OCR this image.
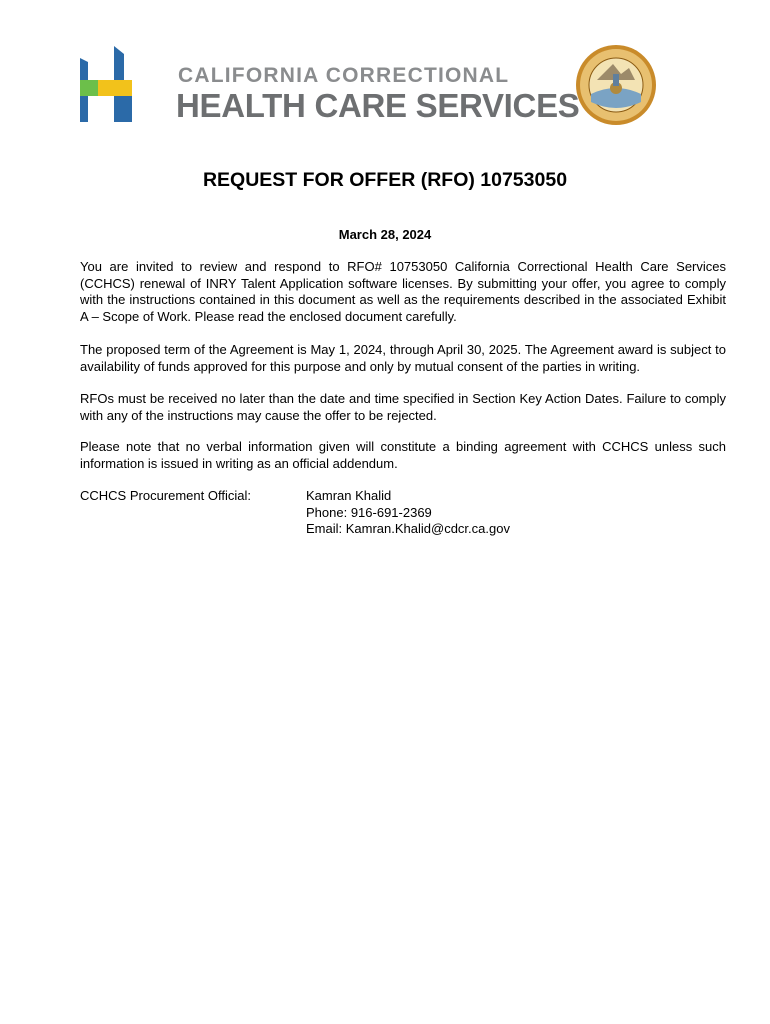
CALIFORNIA CORRECTIONAL
HEALTH CARE SERVICES
REQUEST FOR OFFER (RFO) 10753050
March 28, 2024
You are invited to review and respond to RFO# 10753050 California Correctional Health Care Services (CCHCS) renewal of INRY Talent Application software licenses. By submitting your offer, you agree to comply with the instructions contained in this document as well as the requirements described in the associated Exhibit A – Scope of Work. Please read the enclosed document carefully.
The proposed term of the Agreement is May 1, 2024, through April 30, 2025. The Agreement award is subject to availability of funds approved for this purpose and only by mutual consent of the parties in writing.
RFOs must be received no later than the date and time specified in Section Key Action Dates. Failure to comply with any of the instructions may cause the offer to be rejected.
Please note that no verbal information given will constitute a binding agreement with CCHCS unless such information is issued in writing as an official addendum.
CCHCS Procurement Official:	Kamran Khalid
Phone: 916-691-2369
Email: Kamran.Khalid@cdcr.ca.gov
